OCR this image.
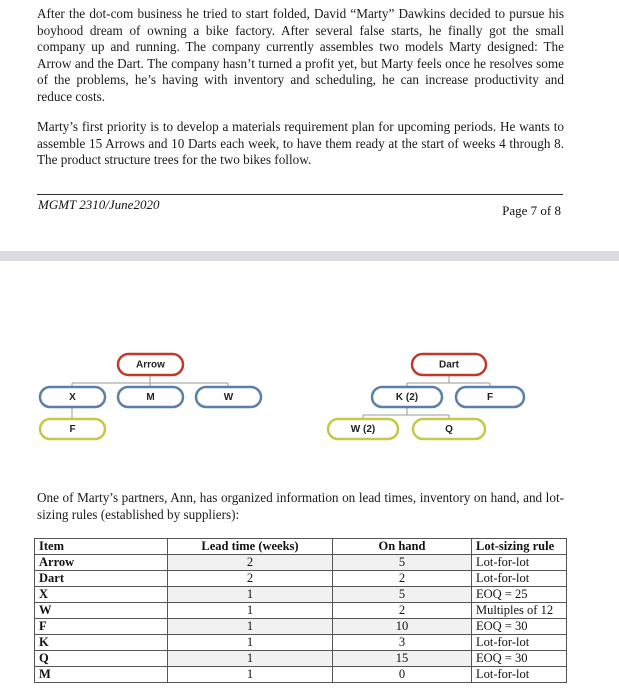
After the dot-com business he tried to start folded, David “Marty” Dawkins decided to pursue his boyhood dream of owning a bike factory. After several false starts, he finally got the small company up and running. The company currently assembles two models Marty designed: The Arrow and the Dart. The company hasn’t turned a profit yet, but Marty feels once he resolves some of the problems, he’s having with inventory and scheduling, he can increase productivity and reduce costs.

Marty’s first priority is to develop a materials requirement plan for upcoming periods. He wants to assemble 15 Arrows and 10 Darts each week, to have them ready at the start of weeks 4 through 8. The product structure trees for the two bikes follow.

MGMT 2310/June2020	Page 7 of 8
Arrow
X	M	W
F
Dart
K (2)	F
W (2)	Q

One of Marty’s partners, Ann, has organized information on lead times, inventory on hand, and lot-sizing rules (established by suppliers):

Item	Lead time (weeks)	On hand	Lot-sizing rule
Arrow	2	5	Lot-for-lot
Dart	2	2	Lot-for-lot
X	1	5	EOQ = 25
W	1	2	Multiples of 12
F	1	10	EOQ = 30
K	1	3	Lot-for-lot
Q	1	15	EOQ = 30
M	1	0	Lot-for-lot
